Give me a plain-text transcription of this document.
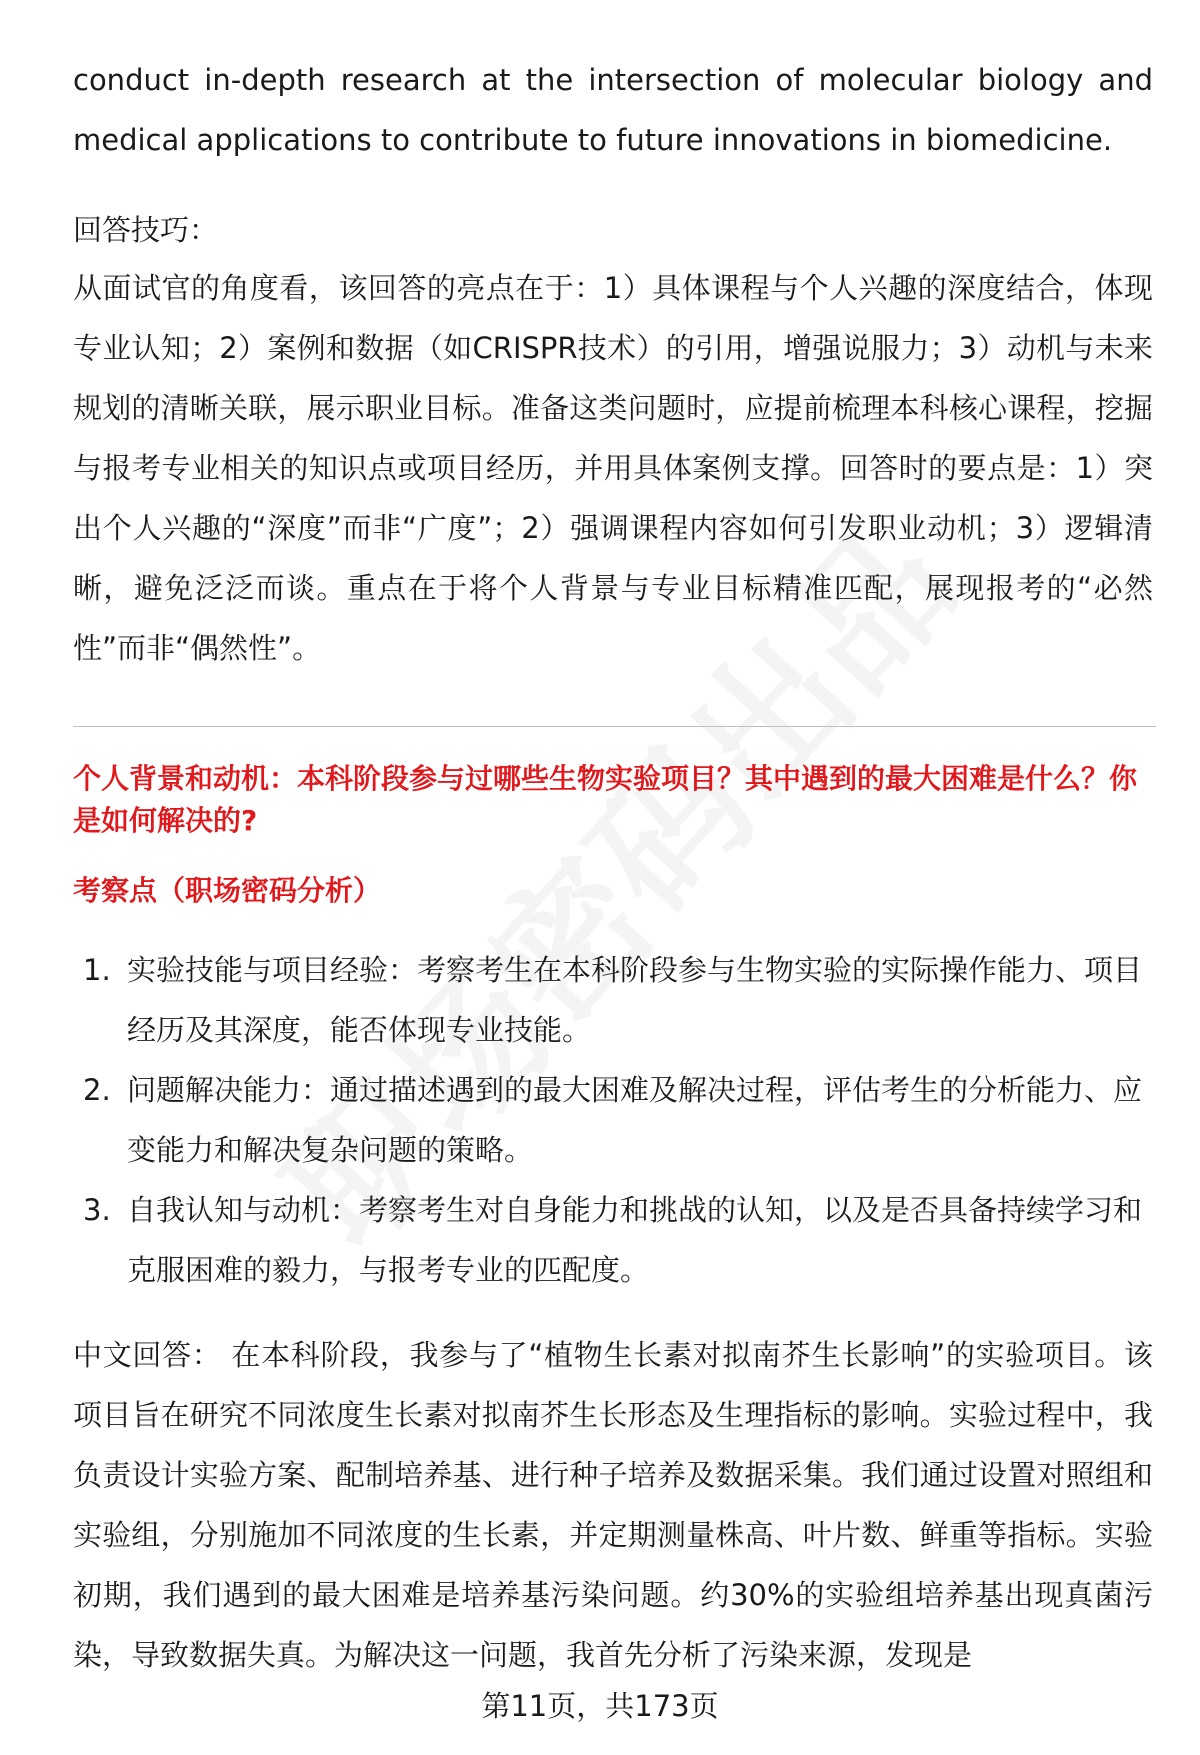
conduct in-depth research at the intersection of molecular biology and medical applications to contribute to future innovations in biomedicine.

回答技巧：

从面试官的角度看，该回答的亮点在于：1）具体课程与个人兴趣的深度结合，体现专业认知；2）案例和数据（如CRISPR技术）的引用，增强说服力；3）动机与未来规划的清晰关联，展示职业目标。准备这类问题时，应提前梳理本科核心课程，挖掘与报考专业相关的知识点或项目经历，并用具体案例支撑。回答时的要点是：1）突出个人兴趣的“深度”而非“广度”；2）强调课程内容如何引发职业动机；3）逻辑清晰，避免泛泛而谈。重点在于将个人背景与专业目标精准匹配，展现报考的“必然性”而非“偶然性”。

个人背景和动机：本科阶段参与过哪些生物实验项目？其中遇到的最大困难是什么？你是如何解决的?
考察点（职场密码分析）
1. 实验技能与项目经验：考察考生在本科阶段参与生物实验的实际操作能力、项目经历及其深度，能否体现专业技能。
2. 问题解决能力：通过描述遇到的最大困难及解决过程，评估考生的分析能力、应变能力和解决复杂问题的策略。
3. 自我认知与动机：考察考生对自身能力和挑战的认知，以及是否具备持续学习和克服困难的毅力，与报考专业的匹配度。

中文回答： 在本科阶段，我参与了“植物生长素对拟南芥生长影响”的实验项目。该项目旨在研究不同浓度生长素对拟南芥生长形态及生理指标的影响。实验过程中，我负责设计实验方案、配制培养基、进行种子培养及数据采集。我们通过设置对照组和实验组，分别施加不同浓度的生长素，并定期测量株高、叶片数、鲜重等指标。实验初期，我们遇到的最大困难是培养基污染问题。约30%的实验组培养基出现真菌污染，导致数据失真。为解决这一问题，我首先分析了污染来源，发现是

第11页，共173页
